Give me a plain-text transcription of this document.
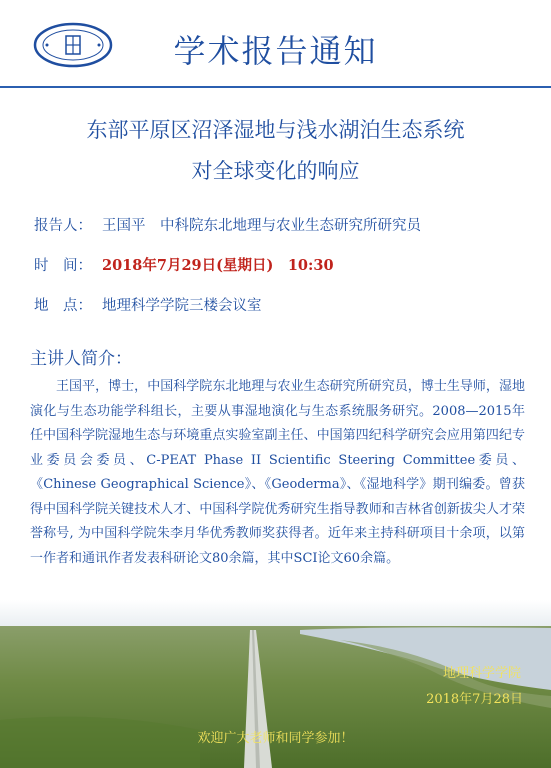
学术报告通知
东部平原区沼泽湿地与浅水湖泊生态系统
对全球变化的响应
报告人： 王国平　中科院东北地理与农业生态研究所研究员
时　间： 2018年7月29日(星期日)　10:30
地　点： 地理科学学院三楼会议室
主讲人简介：
王国平，博士，中国科学院东北地理与农业生态研究所研究员，博士生导师，湿地演化与生态功能学科组长，主要从事湿地演化与生态系统服务研究。2008—2015年任中国科学院湿地生态与环境重点实验室副主任、中国第四纪科学研究会应用第四纪专业委员会委员、C-PEAT Phase II Scientific Steering Committee委员、《Chinese Geographical Science》、《Geoderma》、《湿地科学》期刊编委。曾获得中国科学院关键技术人才、中国科学院优秀研究生指导教师和吉林省创新拔尖人才荣誉称号, 为中国科学院朱李月华优秀教师奖获得者。近年来主持科研项目十余项，以第一作者和通讯作者发表科研论文80余篇，其中SCI论文60余篇。
地理科学学院
2018年7月28日
欢迎广大老师和同学参加！
